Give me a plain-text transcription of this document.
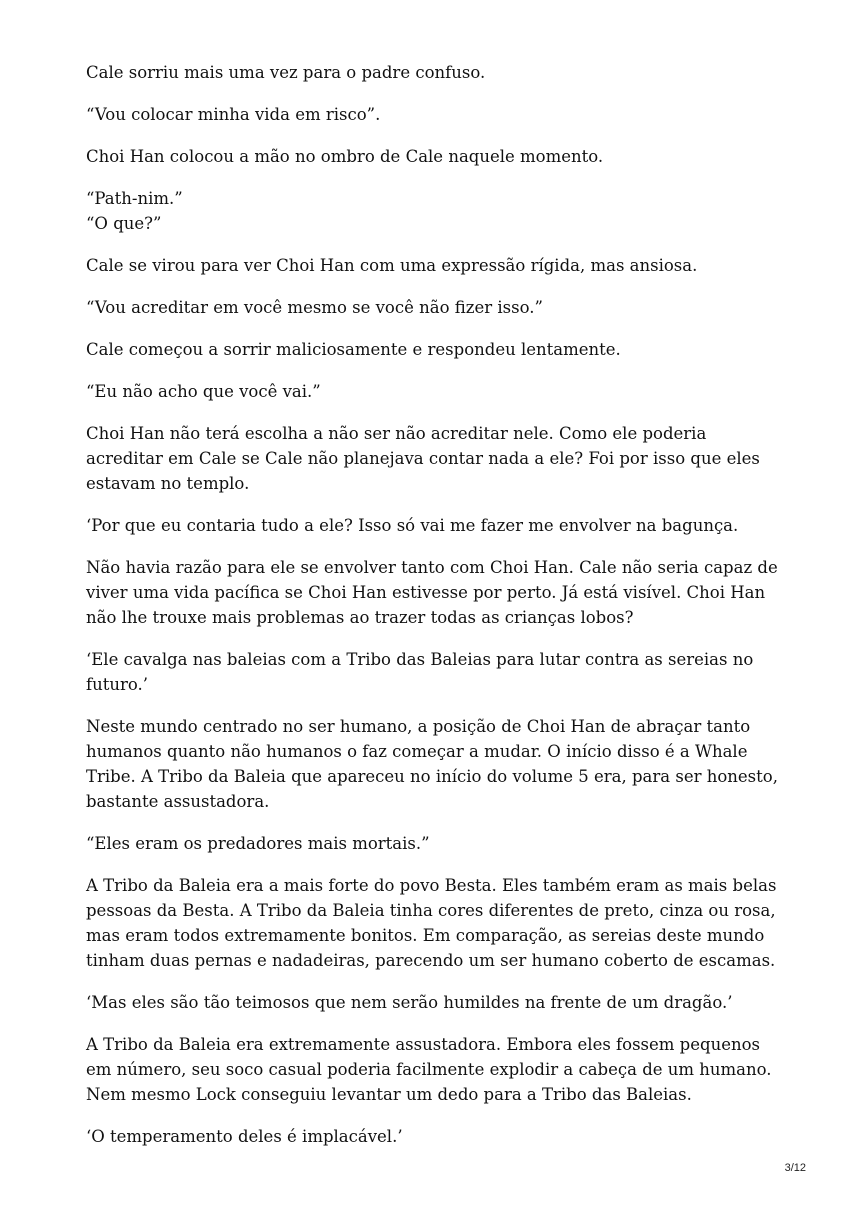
Cale sorriu mais uma vez para o padre confuso.

“Vou colocar minha vida em risco”.

Choi Han colocou a mão no ombro de Cale naquele momento.

“Path-nim.”

“O que?”

Cale se virou para ver Choi Han com uma expressão rígida, mas ansiosa.

“Vou acreditar em você mesmo se você não fizer isso.”

Cale começou a sorrir maliciosamente e respondeu lentamente.

“Eu não acho que você vai.”

Choi Han não terá escolha a não ser não acreditar nele. Como ele poderia acreditar em Cale se Cale não planejava contar nada a ele? Foi por isso que eles estavam no templo.

‘Por que eu contaria tudo a ele? Isso só vai me fazer me envolver na bagunça.

Não havia razão para ele se envolver tanto com Choi Han. Cale não seria capaz de viver uma vida pacífica se Choi Han estivesse por perto. Já está visível. Choi Han não lhe trouxe mais problemas ao trazer todas as crianças lobos?

‘Ele cavalga nas baleias com a Tribo das Baleias para lutar contra as sereias no futuro.’

Neste mundo centrado no ser humano, a posição de Choi Han de abraçar tanto humanos quanto não humanos o faz começar a mudar. O início disso é a Whale Tribe. A Tribo da Baleia que apareceu no início do volume 5 era, para ser honesto, bastante assustadora.

“Eles eram os predadores mais mortais.”

A Tribo da Baleia era a mais forte do povo Besta. Eles também eram as mais belas pessoas da Besta. A Tribo da Baleia tinha cores diferentes de preto, cinza ou rosa, mas eram todos extremamente bonitos. Em comparação, as sereias deste mundo tinham duas pernas e nadadeiras, parecendo um ser humano coberto de escamas.

‘Mas eles são tão teimosos que nem serão humildes na frente de um dragão.’

A Tribo da Baleia era extremamente assustadora. Embora eles fossem pequenos em número, seu soco casual poderia facilmente explodir a cabeça de um humano. Nem mesmo Lock conseguiu levantar um dedo para a Tribo das Baleias.

‘O temperamento deles é implacável.’

3/12
